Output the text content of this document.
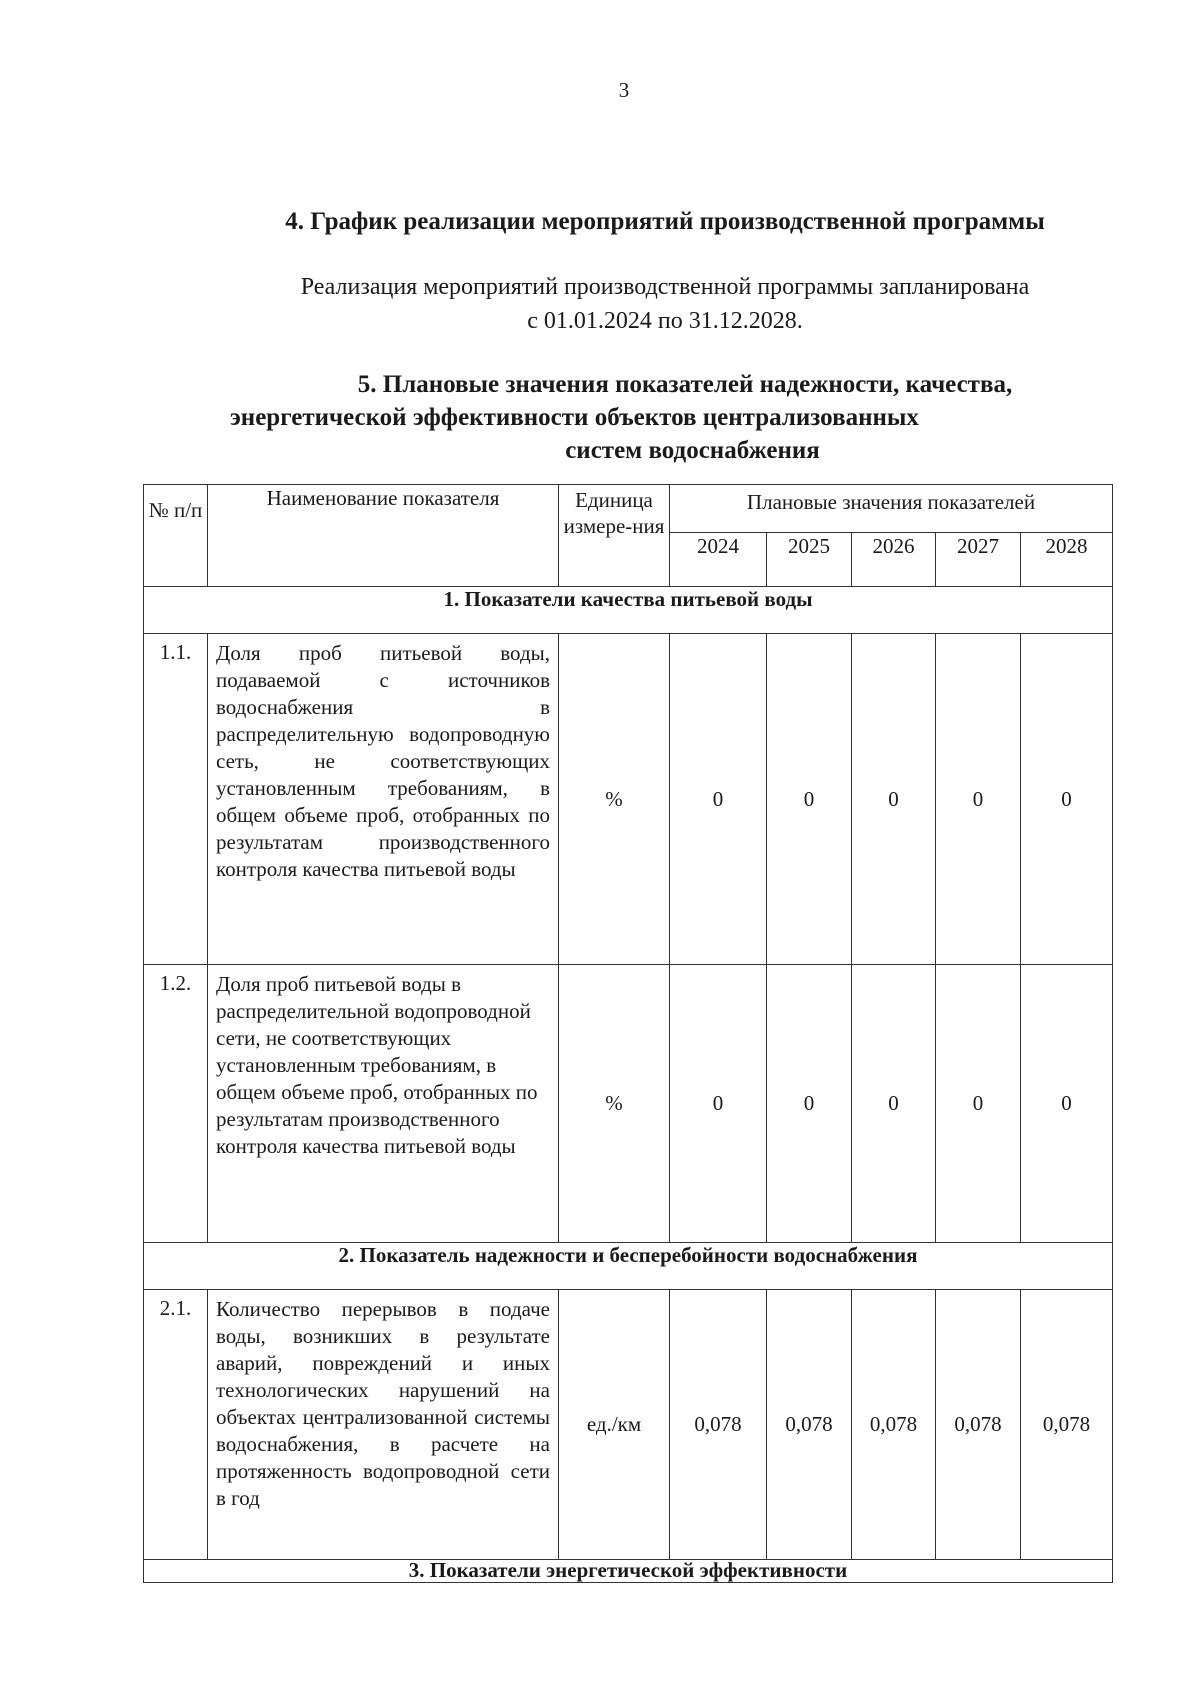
3
4. График реализации мероприятий производственной программы
Реализация мероприятий производственной программы запланирована
с 01.01.2024 по 31.12.2028.
5. Плановые значения показателей надежности, качества,
энергетической эффективности объектов централизованных
систем водоснабжения
№ п/п	Наименование показателя	Единица измере-ния	Плановые значения показателей				
			2024	2025	2026	2027	2028
1. Показатели качества питьевой воды							
1.1.	Доля проб питьевой воды, подаваемой с источников водоснабжения в распределительную водопроводную сеть, не соответствующих установленным требованиям, в общем объеме проб, отобранных по результатам производственного контроля качества питьевой воды	%	0	0	0	0	0
1.2.	Доля проб питьевой воды в распределительной водопроводной сети, не соответствующих установленным требованиям, в общем объеме проб, отобранных по результатам производственного контроля качества питьевой воды	%	0	0	0	0	0
2. Показатель надежности и бесперебойности водоснабжения							
2.1.	Количество перерывов в подаче воды, возникших в результате аварий, повреждений и иных технологических нарушений на объектах централизованной системы водоснабжения, в расчете на протяженность водопроводной сети в год	ед./км	0,078	0,078	0,078	0,078	0,078
3. Показатели энергетической эффективности							
